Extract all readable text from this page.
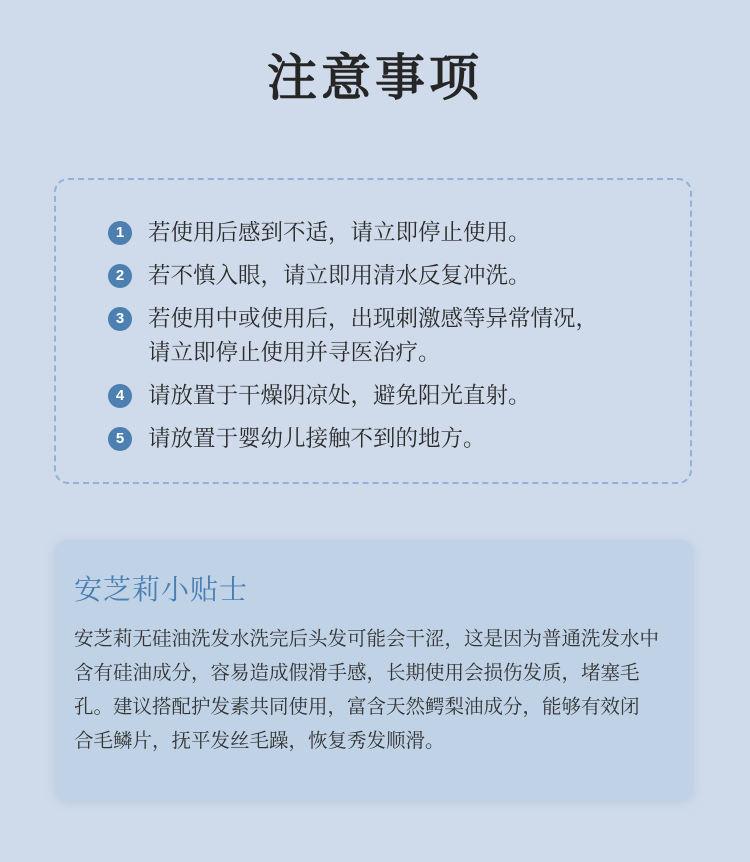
注意事项
1	若使用后感到不适，请立即停止使用。
2	若不慎入眼，请立即用清水反复冲洗。
3	若使用中或使用后，出现刺激感等异常情况，
请立即停止使用并寻医治疗。
4	请放置于干燥阴凉处，避免阳光直射。
5	请放置于婴幼儿接触不到的地方。
安芝莉小贴士

安芝莉无硅油洗发水洗完后头发可能会干涩，这是因为普通洗发水中
含有硅油成分，容易造成假滑手感，长期使用会损伤发质，堵塞毛
孔。建议搭配护发素共同使用，富含天然鳄梨油成分，能够有效闭
合毛鳞片，抚平发丝毛躁，恢复秀发顺滑。
